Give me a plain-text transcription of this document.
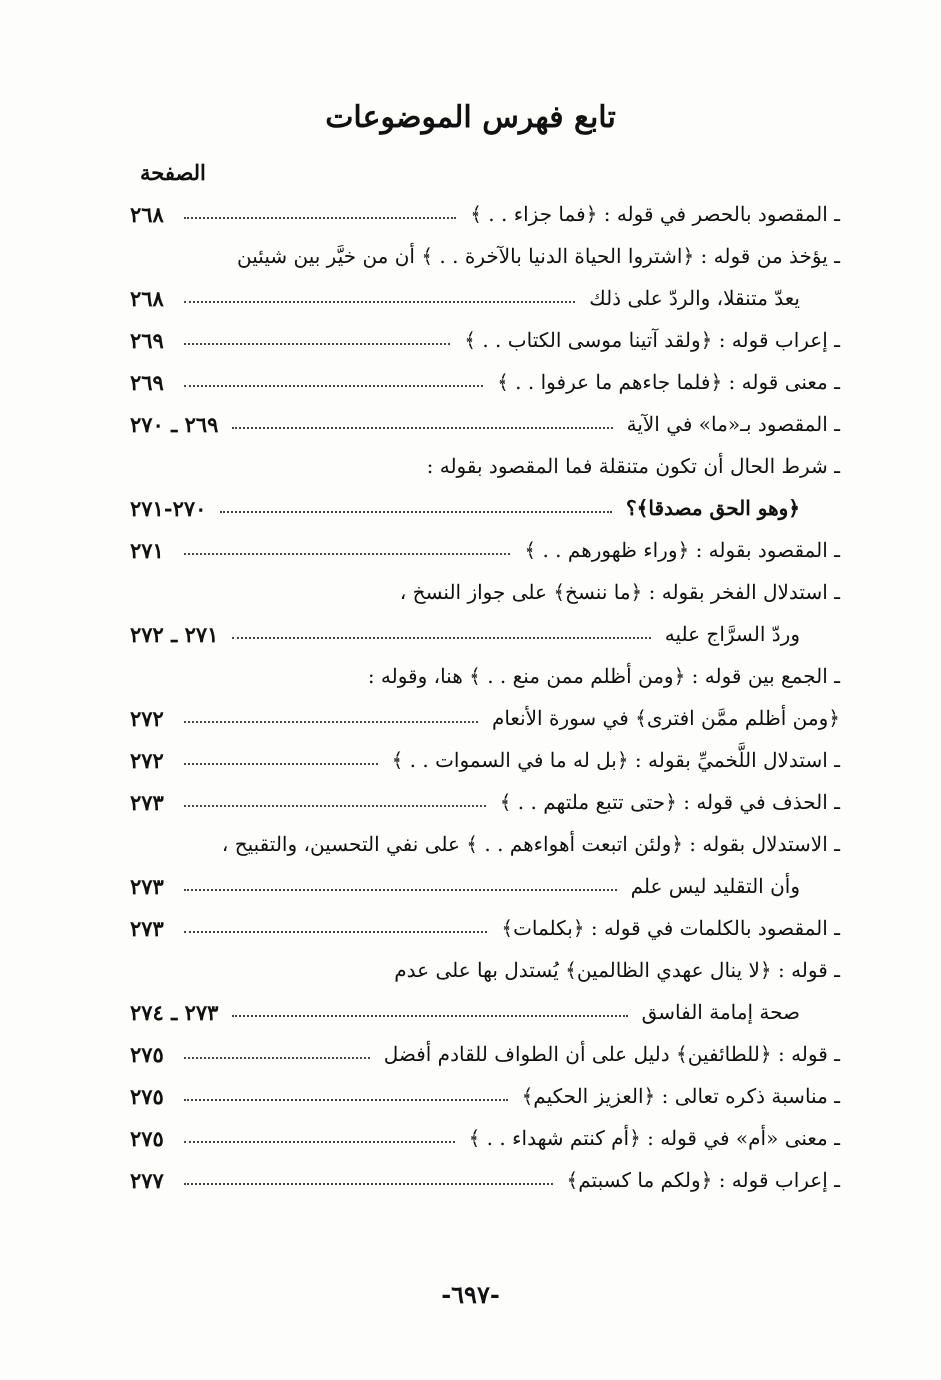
تابع فهرس الموضوعات
الصفحة
ـ المقصود بالحصر في قوله : ﴿فما جزاء . . ﴾
٢٦٨
ـ يؤخذ من قوله : ﴿اشتروا الحياة الدنيا بالآخرة . . ﴾ أن من خيَّر بين شيئين
يعدّ متنقلا، والردّ على ذلك
٢٦٨
ـ إعراب قوله : ﴿ولقد آتينا موسى الكتاب . . ﴾
٢٦٩
ـ معنى قوله : ﴿فلما جاءهم ما عرفوا . . ﴾
٢٦٩
ـ المقصود بـ«ما» في الآية
٢٦٩ ـ ٢٧٠
ـ شرط الحال أن تكون متنقلة فما المقصود بقوله :
﴿وهو الحق مصدقا﴾؟
٢٧٠-٢٧١
ـ المقصود بقوله : ﴿وراء ظهورهم . . ﴾
٢٧١
ـ استدلال الفخر بقوله : ﴿ما ننسخ﴾ على جواز النسخ ،
وردّ السرَّاج عليه
٢٧١ ـ ٢٧٢
ـ الجمع بين قوله : ﴿ومن أظلم ممن منع . . ﴾ هنا، وقوله :
﴿ومن أظلم ممَّن افترى﴾ في سورة الأنعام
٢٧٢
ـ استدلال اللَّخميِّ بقوله : ﴿بل له ما في السموات . . ﴾
٢٧٢
ـ الحذف في قوله : ﴿حتى تتبع ملتهم . . ﴾
٢٧٣
ـ الاستدلال بقوله : ﴿ولئن اتبعت أهواءهم . . ﴾ على نفي التحسين، والتقبيح ،
وأن التقليد ليس علم
٢٧٣
ـ المقصود بالكلمات في قوله : ﴿بكلمات﴾
٢٧٣
ـ قوله : ﴿لا ينال عهدي الظالمين﴾ يُستدل بها على عدم
صحة إمامة الفاسق
٢٧٣ ـ ٢٧٤
ـ قوله : ﴿للطائفين﴾ دليل على أن الطواف للقادم أفضل
٢٧٥
ـ مناسبة ذكره تعالى : ﴿العزيز الحكيم﴾
٢٧٥
ـ معنى «أم» في قوله : ﴿أم كنتم شهداء . . ﴾
٢٧٥
ـ إعراب قوله : ﴿ولكم ما كسبتم﴾
٢٧٧
-٦٩٧-
